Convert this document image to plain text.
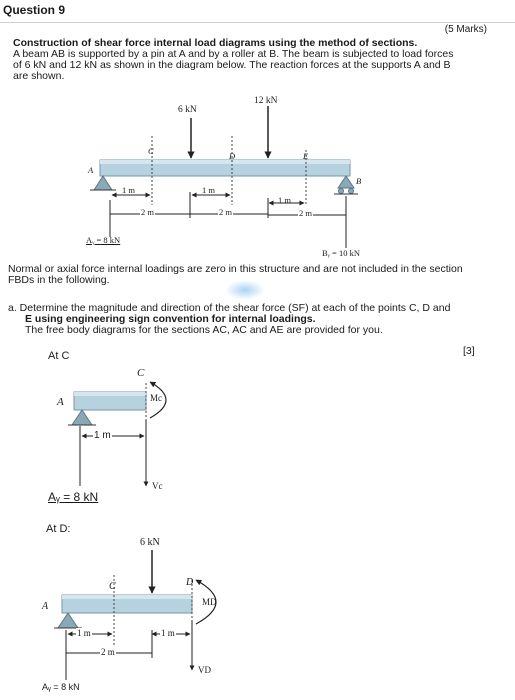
Question 9
(5 Marks)
Construction of shear force internal load diagrams using the method of sections.
A beam AB is supported by a pin at A and by a roller at B. The beam is subjected to load forces
of 6 kN and 12 kN as shown in the diagram below. The reaction forces at the supports A and B
are shown.
6 kN
12 kN
C	D	E
A
B
1 m	1 m
1 m
2 m	2 m	2 m
Aᵧ = 8 kN
Bᵧ = 10 kN
Normal or axial force internal loadings are zero in this structure and are not included in the section
FBDs in the following.
a. Determine the magnitude and direction of the shear force (SF) at each of the points C, D and
E using engineering sign convention for internal loadings.
The free body diagrams for the sections AC, AC and AE are provided for you.
[3]
At C
A
C
Mc
Vc
1 m
Aᵧ = 8 kN
At D:
6 kN
A
C	D
MD
VD
1 m	1 m
2 m
Aᵧ = 8 kN
